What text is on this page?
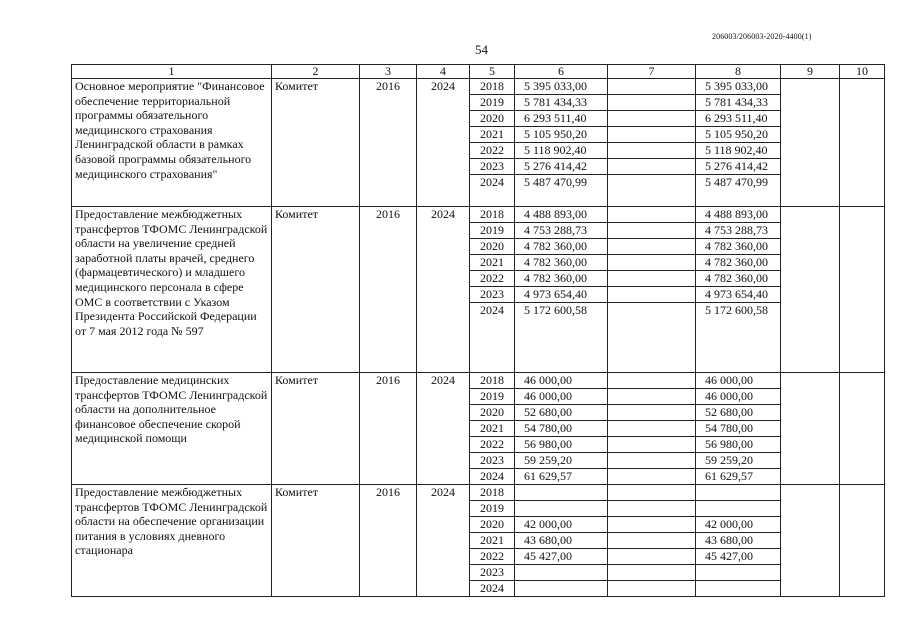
206003/206003-2020-4400(1)
54
1	2	3	4	5	6	7	8	9	10
Основное мероприятие "Финансовое обеспечение территориальной программы обязательного медицинского страхования Ленинградской области в рамках базовой программы обязательного медицинского страхования"	Комитет	2016	2024	2018	5 395 033,00		5 395 033,00		
				2019	5 781 434,33		5 781 434,33		
				2020	6 293 511,40		6 293 511,40		
				2021	5 105 950,20		5 105 950,20		
				2022	5 118 902,40		5 118 902,40		
				2023	5 276 414,42		5 276 414,42		
				2024	5 487 470,99		5 487 470,99		
Предоставление межбюджетных трансфертов ТФОМС Ленинградской области на увеличение средней заработной платы врачей, среднего (фармацевтического) и младшего медицинского персонала в сфере ОМС в соответствии с Указом Президента Российской Федерации от 7 мая 2012 года № 597	Комитет	2016	2024	2018	4 488 893,00		4 488 893,00		
				2019	4 753 288,73		4 753 288,73		
				2020	4 782 360,00		4 782 360,00		
				2021	4 782 360,00		4 782 360,00		
				2022	4 782 360,00		4 782 360,00		
				2023	4 973 654,40		4 973 654,40		
				2024	5 172 600,58		5 172 600,58		
Предоставление медицинских трансфертов ТФОМС Ленинградской области на дополнительное финансовое обеспечение скорой медицинской помощи	Комитет	2016	2024	2018	46 000,00		46 000,00		
				2019	46 000,00		46 000,00		
				2020	52 680,00		52 680,00		
				2021	54 780,00		54 780,00		
				2022	56 980,00		56 980,00		
				2023	59 259,20		59 259,20		
				2024	61 629,57		61 629,57		
Предоставление межбюджетных трансфертов ТФОМС Ленинградской области на обеспечение организации питания в условиях дневного стационара	Комитет	2016	2024	2018					
				2019					
				2020	42 000,00		42 000,00		
				2021	43 680,00		43 680,00		
				2022	45 427,00		45 427,00		
				2023					
				2024					
